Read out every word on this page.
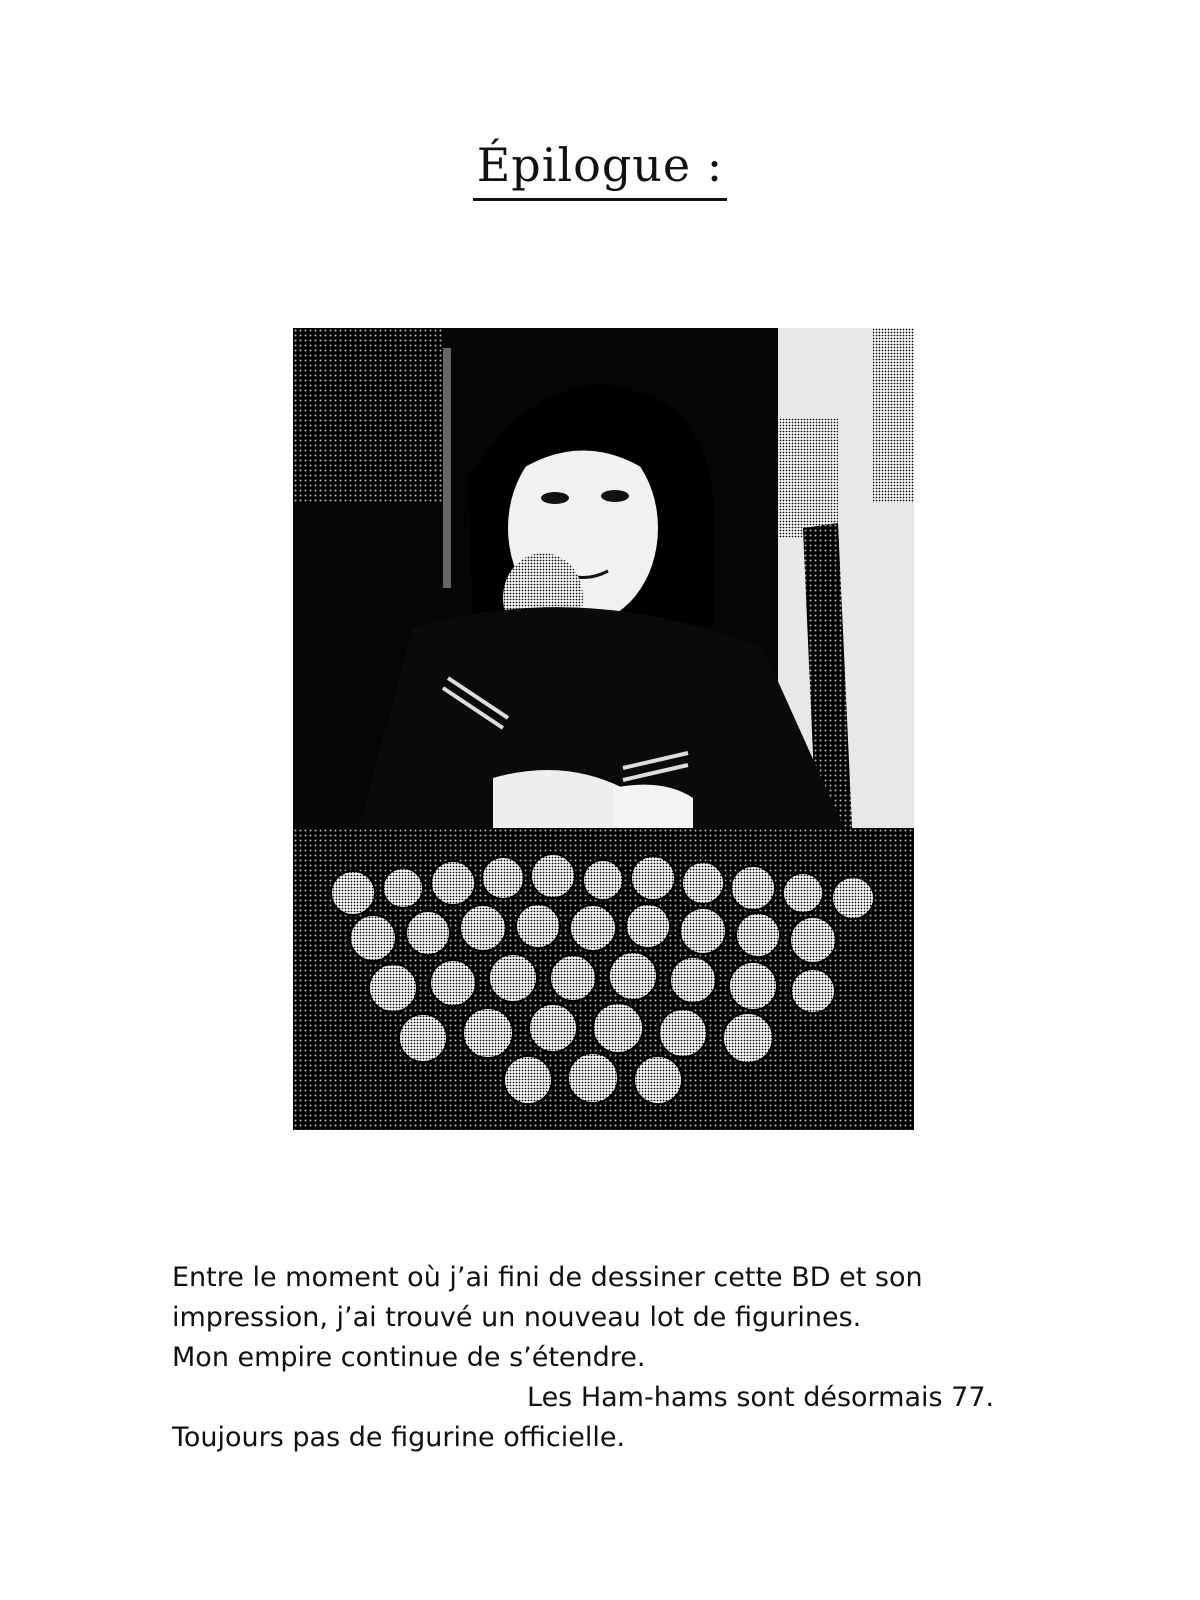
Épilogue :

Entre le moment où j’ai fini de dessiner cette BD et son

impression, j’ai trouvé un nouveau lot de figurines.

Mon empire continue de s’étendre.

Les Ham-hams sont désormais 77.

Toujours pas de figurine officielle.
